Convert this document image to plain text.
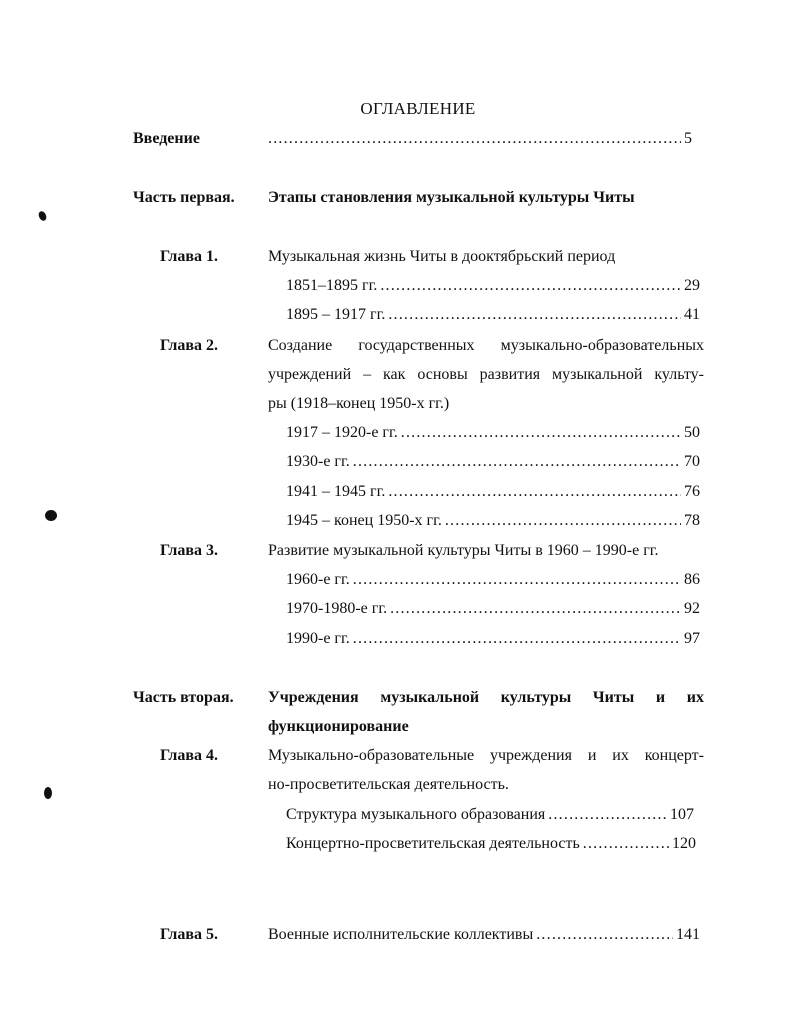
ОГЛАВЛЕНИЕ
Введение .....	5
Часть первая. Этапы становления музыкальной культуры Читы
Глава 1.	Музыкальная жизнь Читы в дооктябрьский период
1851–1895 гг. .....	29
1895 – 1917 гг. .....	41
Глава 2.	Создание государственных музыкально-образовательных
учреждений – как основы развития музыкальной культу-
ры (1918–конец 1950-х гг.)
1917 – 1920-е гг. .....	50
1930-е гг. .....	70
1941 – 1945 гг. .....	76
1945 – конец 1950-х гг. .....	78
Глава 3.	Развитие музыкальной культуры Читы в 1960 – 1990-е гг.
1960-е гг. .....	86
1970-1980-е гг. .....	92
1990-е гг. .....	97
Часть вторая. Учреждения музыкальной культуры Читы и их
функционирование
Глава 4.	Музыкально-образовательные учреждения и их концерт-
но-просветительская деятельность.
Структура музыкального образования .....	107
Концертно-просветительская деятельность .....	120
Глава 5.	Военные исполнительские коллективы .....	141
